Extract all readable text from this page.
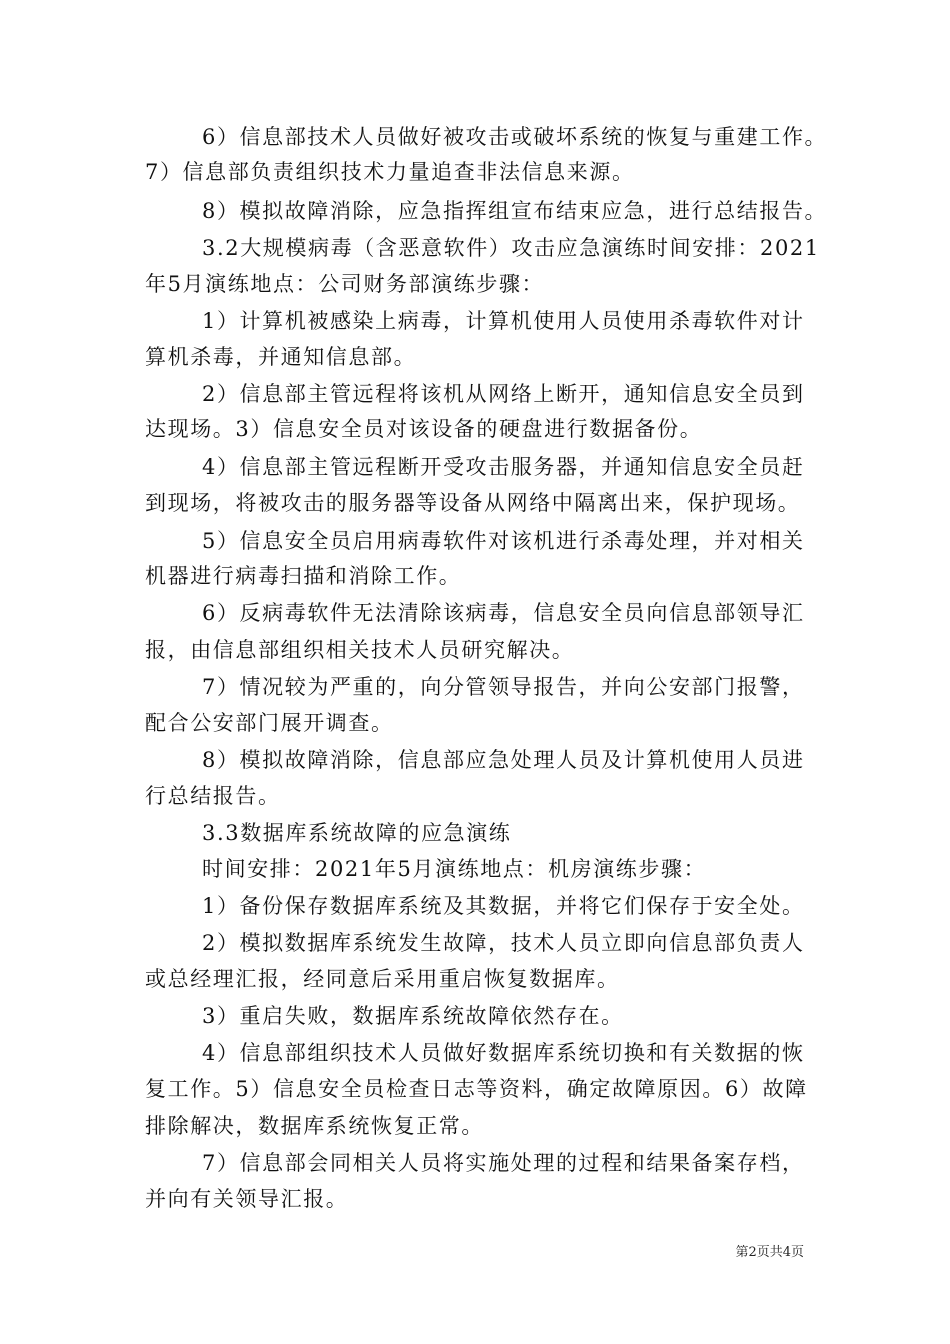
6）信息部技术人员做好被攻击或破坏系统的恢复与重建工作。
7）信息部负责组织技术力量追查非法信息来源。
8）模拟故障消除，应急指挥组宣布结束应急，进行总结报告。
3.2大规模病毒（含恶意软件）攻击应急演练时间安排：2021
年5月演练地点：公司财务部演练步骤：
1）计算机被感染上病毒，计算机使用人员使用杀毒软件对计
算机杀毒，并通知信息部。
2）信息部主管远程将该机从网络上断开，通知信息安全员到
达现场。3）信息安全员对该设备的硬盘进行数据备份。
4）信息部主管远程断开受攻击服务器，并通知信息安全员赶
到现场，将被攻击的服务器等设备从网络中隔离出来，保护现场。
5）信息安全员启用病毒软件对该机进行杀毒处理，并对相关
机器进行病毒扫描和消除工作。
6）反病毒软件无法清除该病毒，信息安全员向信息部领导汇
报，由信息部组织相关技术人员研究解决。
7）情况较为严重的，向分管领导报告，并向公安部门报警，
配合公安部门展开调查。
8）模拟故障消除，信息部应急处理人员及计算机使用人员进
行总结报告。
3.3数据库系统故障的应急演练
时间安排：2021年5月演练地点：机房演练步骤：
1）备份保存数据库系统及其数据，并将它们保存于安全处。
2）模拟数据库系统发生故障，技术人员立即向信息部负责人
或总经理汇报，经同意后采用重启恢复数据库。
3）重启失败，数据库系统故障依然存在。
4）信息部组织技术人员做好数据库系统切换和有关数据的恢
复工作。5）信息安全员检查日志等资料，确定故障原因。6）故障
排除解决，数据库系统恢复正常。
7）信息部会同相关人员将实施处理的过程和结果备案存档，
并向有关领导汇报。
第2页共4页
